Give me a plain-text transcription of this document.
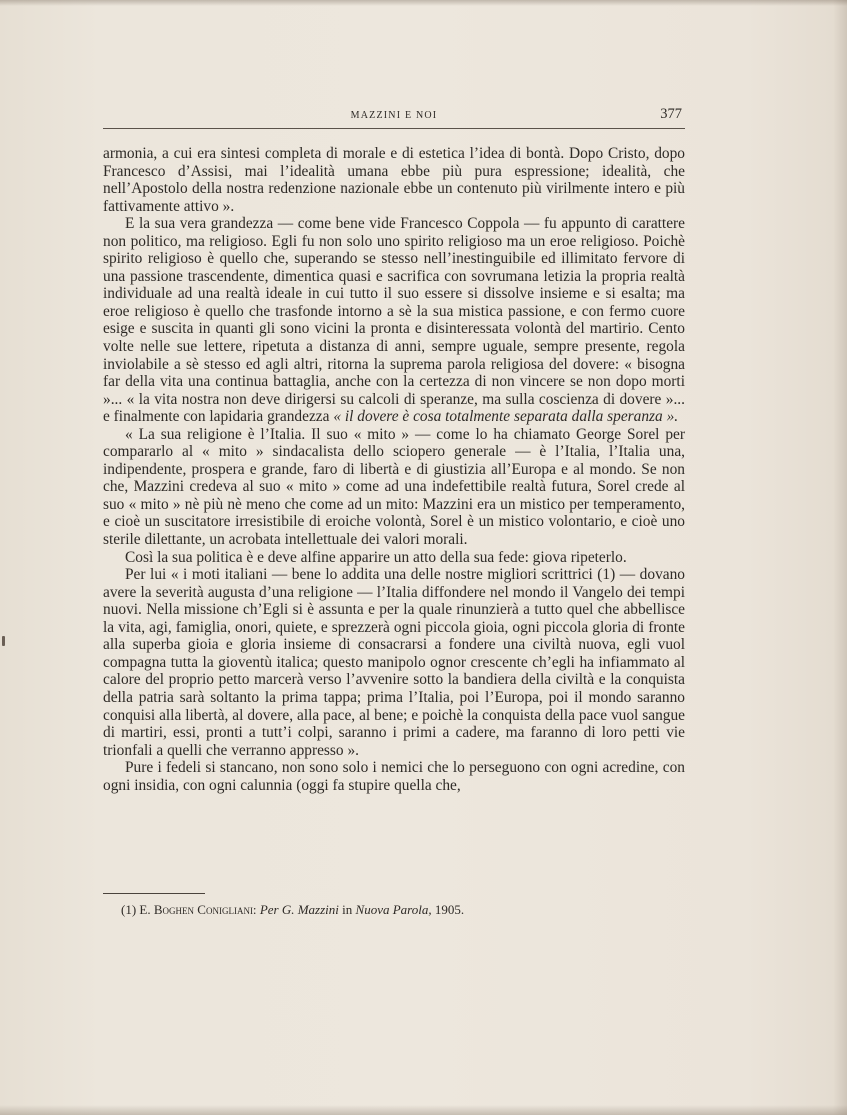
MAZZINI E NOI	377

armonia, a cui era sintesi completa di morale e di estetica l’idea di bontà. Dopo Cristo, dopo Francesco d’Assisi, mai l’idealità umana ebbe più pura espressione; idealità, che nell’Apostolo della nostra redenzione nazionale ebbe un contenuto più virilmente intero e più fattivamente attivo ».

E la sua vera grandezza — come bene vide Francesco Coppola — fu appunto di carattere non politico, ma religioso. Egli fu non solo uno spirito religioso ma un eroe religioso. Poichè spirito religioso è quello che, superando se stesso nell’inestinguibile ed illimitato fervore di una passione trascendente, dimentica quasi e sacrifica con sovrumana letizia la propria realtà individuale ad una realtà ideale in cui tutto il suo essere si dissolve insieme e si esalta; ma eroe religioso è quello che trasfonde intorno a sè la sua mistica passione, e con fermo cuore esige e suscita in quanti gli sono vicini la pronta e disinteressata volontà del martirio. Cento volte nelle sue lettere, ripetuta a distanza di anni, sempre uguale, sempre presente, regola inviolabile a sè stesso ed agli altri, ritorna la suprema parola religiosa del dovere: « bisogna far della vita una continua battaglia, anche con la certezza di non vincere se non dopo morti »... « la vita nostra non deve dirigersi su calcoli di speranze, ma sulla coscienza di dovere »... e finalmente con lapidaria grandezza « il dovere è cosa totalmente separata dalla speranza ».

« La sua religione è l’Italia. Il suo « mito » — come lo ha chiamato George Sorel per compararlo al « mito » sindacalista dello sciopero generale — è l’Italia, l’Italia una, indipendente, prospera e grande, faro di libertà e di giustizia all’Europa e al mondo. Se non che, Mazzini credeva al suo « mito » come ad una indefettibile realtà futura, Sorel crede al suo « mito » nè più nè meno che come ad un mito: Mazzini era un mistico per temperamento, e cioè un suscitatore irresistibile di eroiche volontà, Sorel è un mistico volontario, e cioè uno sterile dilettante, un acrobata intellettuale dei valori morali.

Così la sua politica è e deve alfine apparire un atto della sua fede: giova ripeterlo.

Per lui « i moti italiani — bene lo addita una delle nostre migliori scrittrici (1) — dovano avere la severità augusta d’una religione — l’Italia diffondere nel mondo il Vangelo dei tempi nuovi. Nella missione ch’Egli si è assunta e per la quale rinunzierà a tutto quel che abbellisce la vita, agi, famiglia, onori, quiete, e sprezzerà ogni piccola gioia, ogni piccola gloria di fronte alla superba gioia e gloria insieme di consacrarsi a fondere una civiltà nuova, egli vuol compagna tutta la gioventù italica; questo manipolo ognor crescente ch’egli ha infiammato al calore del proprio petto marcerà verso l’avvenire sotto la bandiera della civiltà e la conquista della patria sarà soltanto la prima tappa; prima l’Italia, poi l’Europa, poi il mondo saranno conquisi alla libertà, al dovere, alla pace, al bene; e poichè la conquista della pace vuol sangue di martiri, essi, pronti a tutt’i colpi, saranno i primi a cadere, ma faranno di loro petti vie trionfali a quelli che verranno appresso ».

Pure i fedeli si stancano, non sono solo i nemici che lo perseguono con ogni acredine, con ogni insidia, con ogni calunnia (oggi fa stupire quella che,

(1) E. Boghen Conigliani: Per G. Mazzini in Nuova Parola, 1905.
